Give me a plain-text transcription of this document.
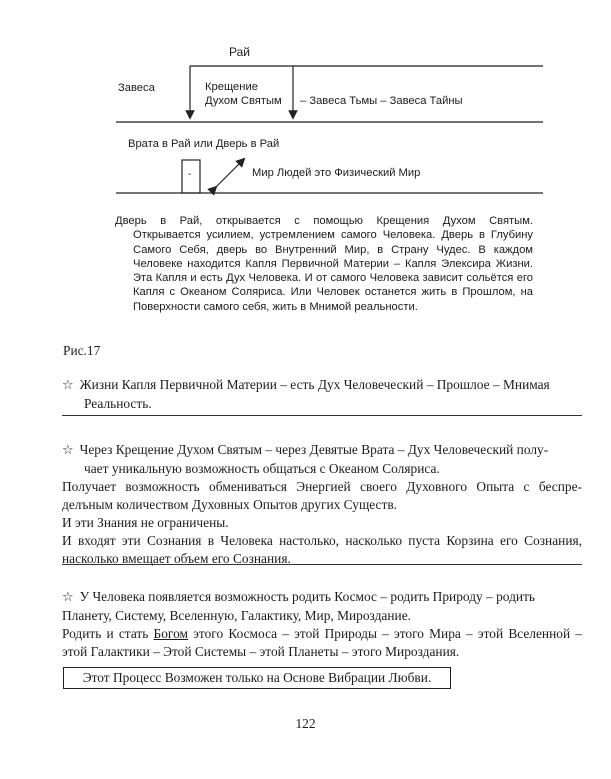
Рай
Завеса	Крещение
Духом Святым – Завеса Тьмы – Завеса Тайны
Врата в Рай или Дверь в Рай
-	Мир Людей это Физический Мир
Дверь в Рай, открывается с помощью Крещения Духом Святым.
Открывается усилием, устремлением самого Человека. Дверь в Глубину Самого Себя, дверь во Внутренний Мир, в Страну Чудес. В каждом Человеке находится Капля Первичной Материи – Капля Элексира Жизни. Эта Капля и есть Дух Человека. И от самого Человека зависит сольётся его Капля с Океаном Соляриса. Или Человек останется жить в Прошлом, на Поверхности самого себя, жить в Мнимой реальности.
Рис.17
☆ Жизни Капля Первичной Материи – есть Дух Человеческий – Прошлое – Мнимая
Реальность.
☆ Через Крещение Духом Святым – через Девятые Врата – Дух Человеческий полу-
чает уникальную возможность общаться с Океаном Соляриса.
Получает возможность обмениваться Энергией своего Духовного Опыта с беспре-делъным количеством Духовных Опытов других Существ.
И эти Знания не ограничены.
И входят эти Сознания в Человека настолько, насколько пуста Корзина его Сознания, насколько вмещает объем его Сознания.
☆ У Человека появляется возможность родить Космос – родить Природу – родить
Планету, Систему, Вселенную, Галактику, Мир, Мироздание.
Родить и стать Богом этого Космоса – этой Природы – этого Мира – этой Вселенной – этой Галактики – Этой Системы – этой Планеты – этого Мироздания.
Этот Процесс Возможен только на Основе Вибрации Любви.
122
